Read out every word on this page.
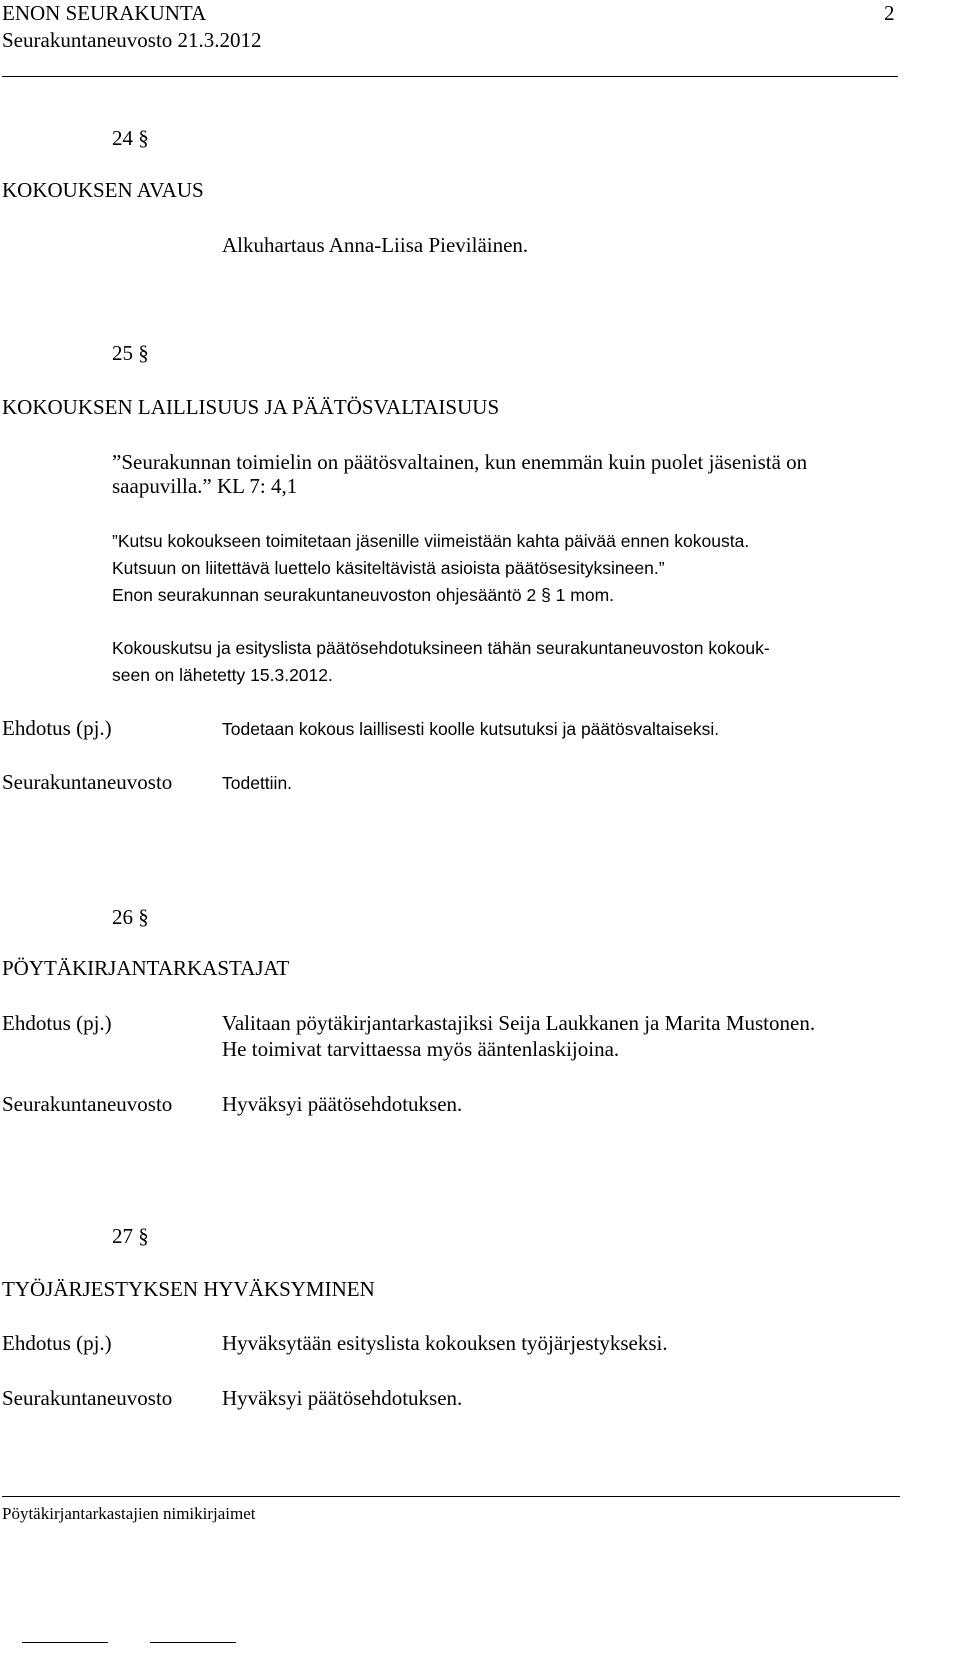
ENON SEURAKUNTA	2
Seurakuntaneuvosto 21.3.2012
24 §
KOKOUKSEN AVAUS
Alkuhartaus Anna-Liisa Pieviläinen.
25 §
KOKOUKSEN LAILLISUUS JA PÄÄTÖSVALTAISUUS
”Seurakunnan toimielin on päätösvaltainen, kun enemmän kuin puolet jäsenistä on
saapuvilla.” KL 7: 4,1
”Kutsu kokoukseen toimitetaan jäsenille viimeistään kahta päivää ennen kokousta.
Kutsuun on liitettävä luettelo käsiteltävistä asioista päätösesityksineen.”
Enon seurakunnan seurakuntaneuvoston ohjesääntö 2 § 1 mom.
Kokouskutsu ja esityslista päätösehdotuksineen tähän seurakuntaneuvoston kokouk-
seen on lähetetty 15.3.2012.
Ehdotus (pj.)	Todetaan kokous laillisesti koolle kutsutuksi ja päätösvaltaiseksi.
Seurakuntaneuvosto	Todettiin.
26 §
PÖYTÄKIRJANTARKASTAJAT
Ehdotus (pj.)	Valitaan pöytäkirjantarkastajiksi Seija Laukkanen ja Marita Mustonen.
He toimivat tarvittaessa myös ääntenlaskijoina.
Seurakuntaneuvosto Hyväksyi päätösehdotuksen.
27 §
TYÖJÄRJESTYKSEN HYVÄKSYMINEN
Ehdotus (pj.)	Hyväksytään esityslista kokouksen työjärjestykseksi.
Seurakuntaneuvosto Hyväksyi päätösehdotuksen.
Pöytäkirjantarkastajien nimikirjaimet
